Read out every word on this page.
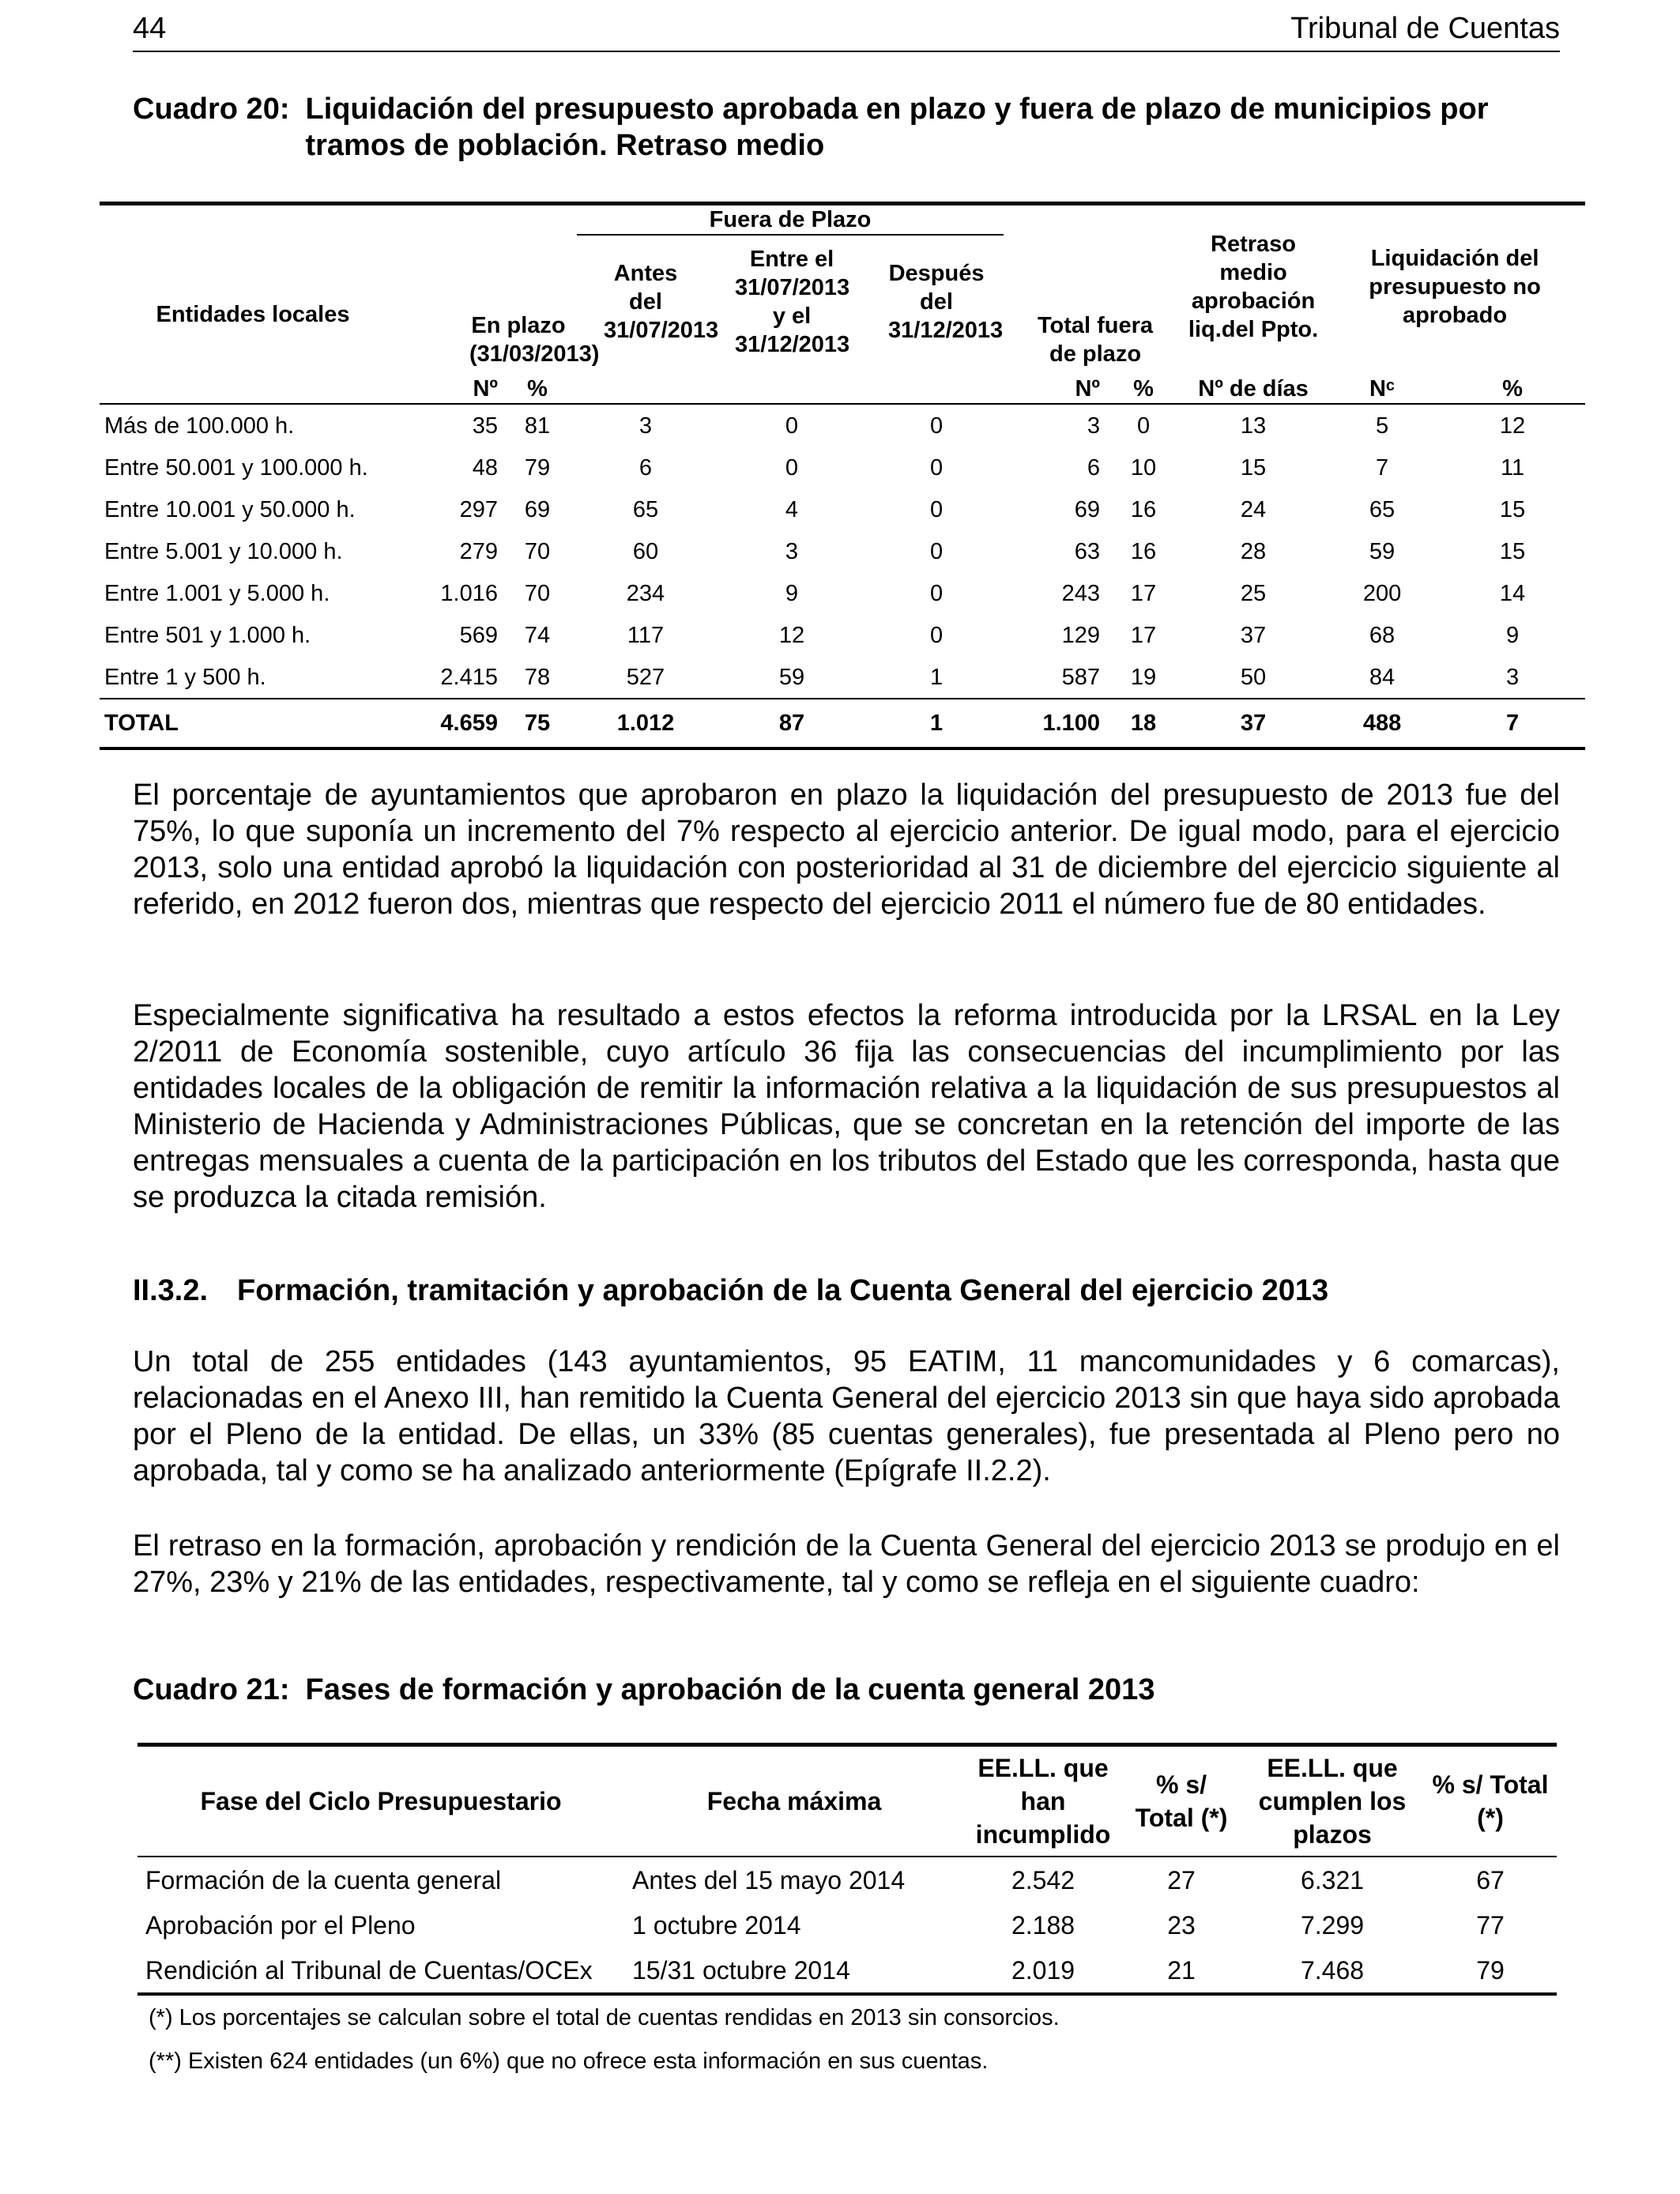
44	Tribunal de Cuentas
Cuadro 20: Liquidación del presupuesto aprobada en plazo y fuera de plazo de municipios por tramos de población. Retraso medio
Entidades locales	En plazo (31/03/2013)		Fuera de Plazo			Total fuera de plazo		Retraso medio aprobación liq.del Ppto.	Liquidación del presupuesto no aprobado	
			Antes del 31/07/2013	Entre el 31/07/2013 y el 31/12/2013	Después del 31/12/2013					
	Nº	%				Nº	%	Nº de días	Nᶜ	%
Más de 100.000 h.	35	81	3	0	0	3	0	13	5	12
Entre 50.001 y 100.000 h.	48	79	6	0	0	6	10	15	7	11
Entre 10.001 y 50.000 h.	297	69	65	4	0	69	16	24	65	15
Entre 5.001 y 10.000 h.	279	70	60	3	0	63	16	28	59	15
Entre 1.001 y 5.000 h.	1.016	70	234	9	0	243	17	25	200	14
Entre 501 y 1.000 h.	569	74	117	12	0	129	17	37	68	9
Entre 1 y 500 h.	2.415	78	527	59	1	587	19	50	84	3
TOTAL	4.659	75	1.012	87	1	1.100	18	37	488	7

El porcentaje de ayuntamientos que aprobaron en plazo la liquidación del presupuesto de 2013 fue del 75%, lo que suponía un incremento del 7% respecto al ejercicio anterior. De igual modo, para el ejercicio 2013, solo una entidad aprobó la liquidación con posterioridad al 31 de diciembre del ejercicio siguiente al referido, en 2012 fueron dos, mientras que respecto del ejercicio 2011 el número fue de 80 entidades.

Especialmente significativa ha resultado a estos efectos la reforma introducida por la LRSAL en la Ley 2/2011 de Economía sostenible, cuyo artículo 36 fija las consecuencias del incumplimiento por las entidades locales de la obligación de remitir la información relativa a la liquidación de sus presupuestos al Ministerio de Hacienda y Administraciones Públicas, que se concretan en la retención del importe de las entregas mensuales a cuenta de la participación en los tributos del Estado que les corresponda, hasta que se produzca la citada remisión.

II.3.2. Formación, tramitación y aprobación de la Cuenta General del ejercicio 2013

Un total de 255 entidades (143 ayuntamientos, 95 EATIM, 11 mancomunidades y 6 comarcas), relacionadas en el Anexo III, han remitido la Cuenta General del ejercicio 2013 sin que haya sido aprobada por el Pleno de la entidad. De ellas, un 33% (85 cuentas generales), fue presentada al Pleno pero no aprobada, tal y como se ha analizado anteriormente (Epígrafe II.2.2).

El retraso en la formación, aprobación y rendición de la Cuenta General del ejercicio 2013 se produjo en el 27%, 23% y 21% de las entidades, respectivamente, tal y como se refleja en el siguiente cuadro:

Cuadro 21: Fases de formación y aprobación de la cuenta general 2013
Fase del Ciclo Presupuestario	Fecha máxima	EE.LL. que han incumplido	% s/ Total (*)	EE.LL. que cumplen los plazos	% s/ Total (*)
Formación de la cuenta general	Antes del 15 mayo 2014	2.542	27	6.321	67
Aprobación por el Pleno	1 octubre 2014	2.188	23	7.299	77
Rendición al Tribunal de Cuentas/OCEx	15/31 octubre 2014	2.019	21	7.468	79
(*) Los porcentajes se calculan sobre el total de cuentas rendidas en 2013 sin consorcios.
(**) Existen 624 entidades (un 6%) que no ofrece esta información en sus cuentas.
